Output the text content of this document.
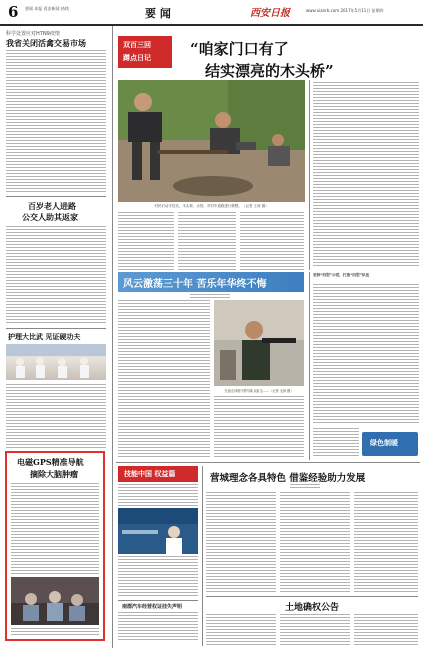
6 要闻 本报 西安新闻 热线	要 闻	西安日报	www.xianrb.com 2017年5月11日 星期四
科学处置应对H7N9疫情
我省关闭活禽交易市场
百岁老人进路
公交人助其返家
护理大比武 见证硬功夫
电磁GPS精准导航
摘除大脑肿瘤
双百三回
蹲点日记	“咱家门口有了
结实漂亮的木头桥”
村民们动手挖坑，木头桥、水管，对村中道路进行修整。（记者 王涛 摄）
风云激荡三十年 苦乐年华终不悔
在射击训练中教导新兵射击……（记者 毛涛 摄）
坚持“四型”示范，打造“四型”队伍
绿色制暖
技能中国 权益篇
南郡汽车经营权证挂失声明
营城理念各具特色 借鉴经验助力发展
土地确权公告
